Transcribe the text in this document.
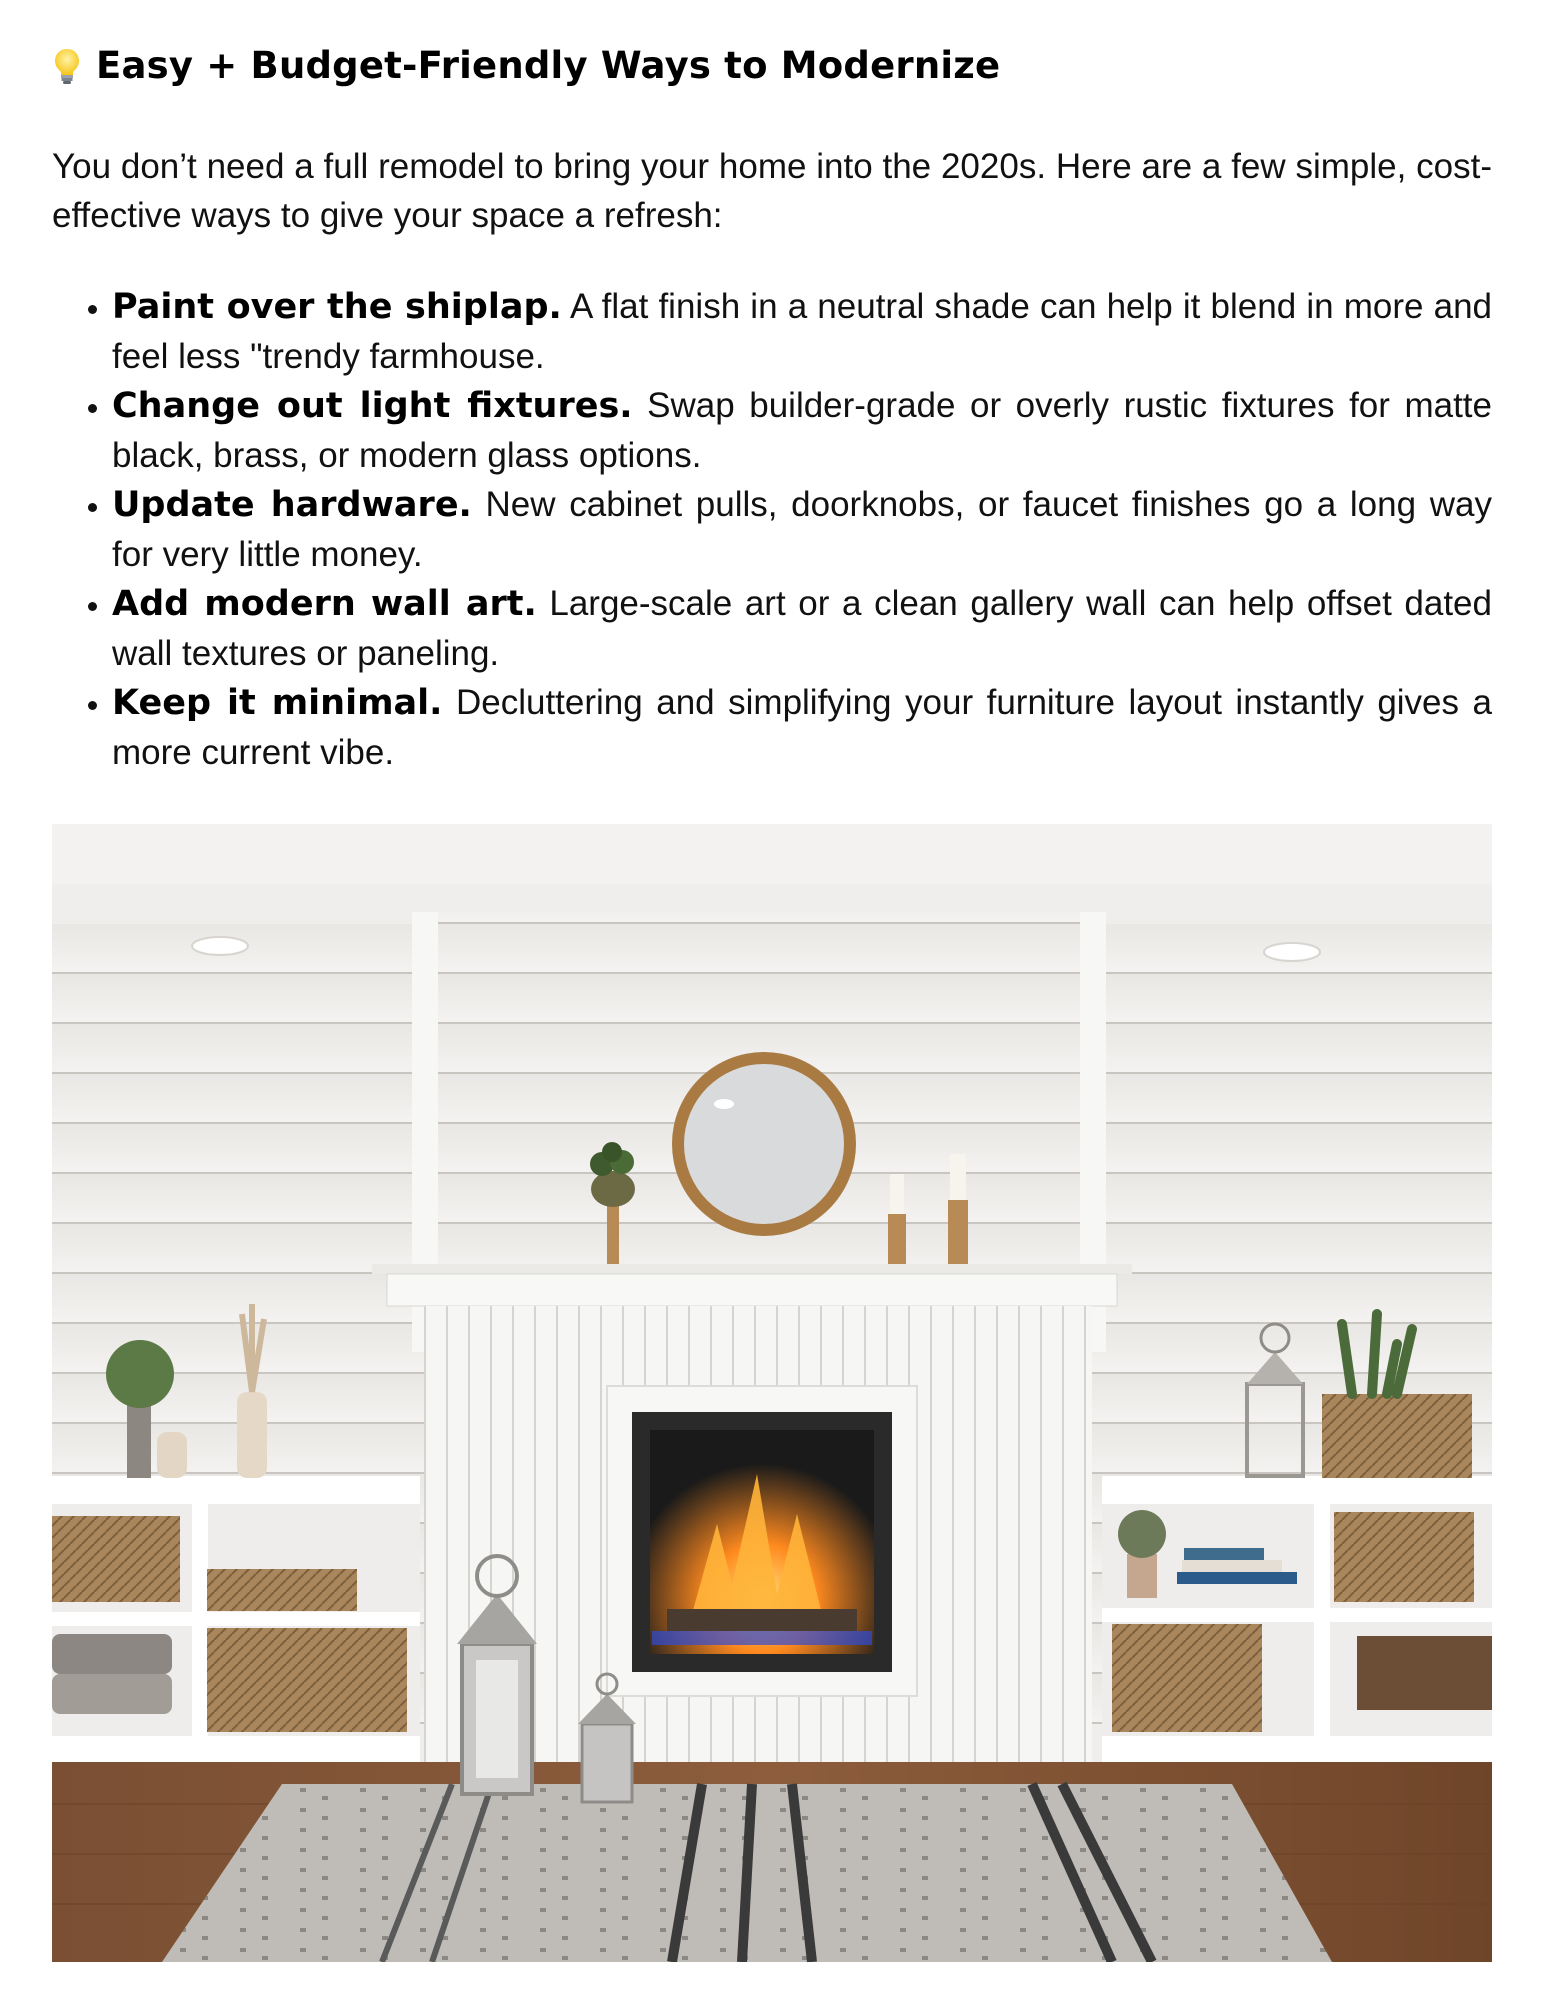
Easy + Budget-Friendly Ways to Modernize

You don’t need a full remodel to bring your home into the 2020s. Here are a few simple, cost-effective ways to give your space a refresh:

• Paint over the shiplap. A flat finish in a neutral shade can help it blend in more and feel less "trendy farmhouse.
• Change out light fixtures. Swap builder-grade or overly rustic fixtures for matte black, brass, or modern glass options.
• Update hardware. New cabinet pulls, doorknobs, or faucet finishes go a long way for very little money.
• Add modern wall art. Large-scale art or a clean gallery wall can help offset dated wall textures or paneling.
• Keep it minimal. Decluttering and simplifying your furniture layout instantly gives a more current vibe.
